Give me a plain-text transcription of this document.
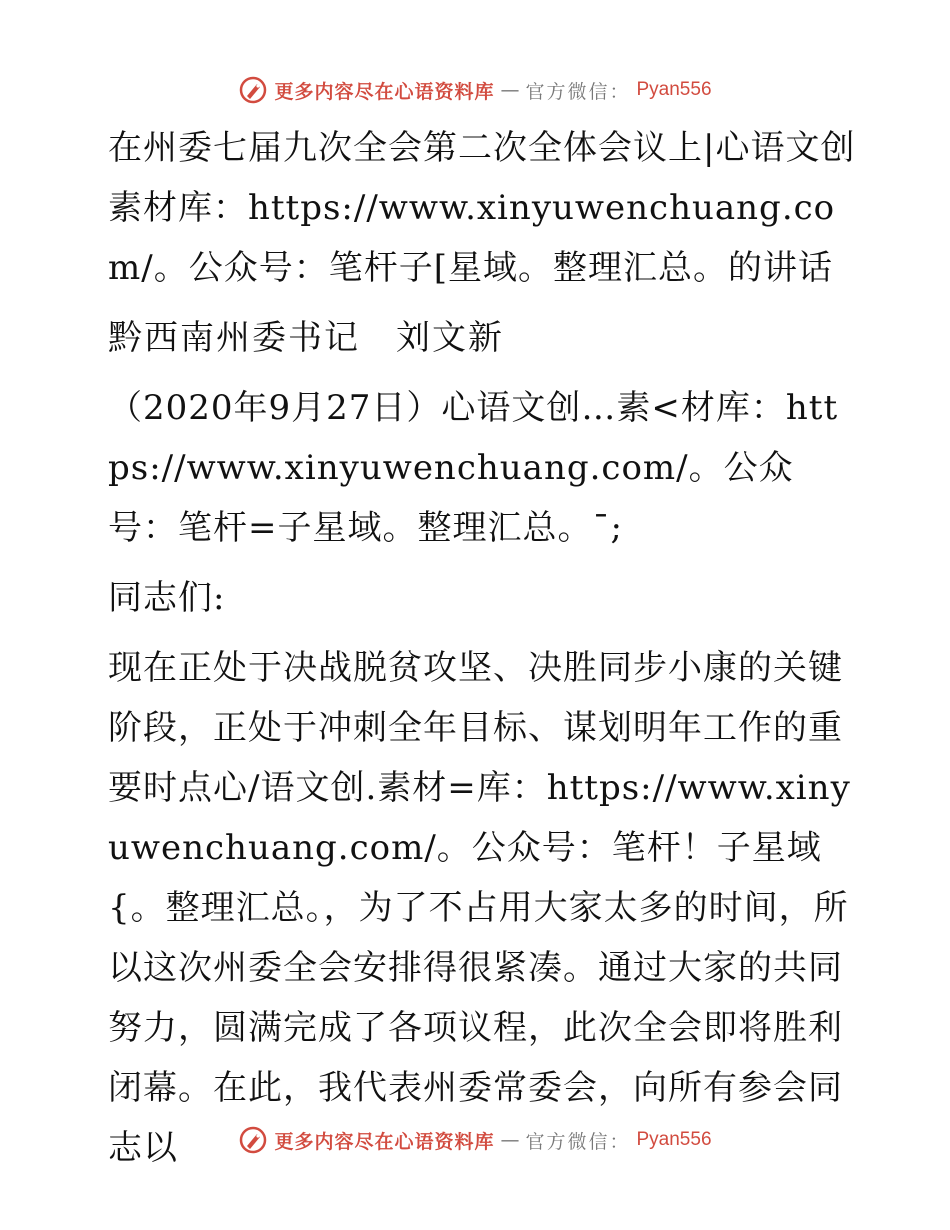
更多内容尽在心语资料库 — 官方微信： Pyan556

在州委七届九次全会第二次全体会议上|心语文创素材库：https://www.xinyuwenchuang.com/。公众号：笔杆子[星域。整理汇总。的讲话

黔西南州委书记　刘文新

（2020年9月27日）心语文创…素<材库：https://www.xinyuwenchuang.com/。公众号：笔杆=子星域。整理汇总。¯;

同志们:

现在正处于决战脱贫攻坚、决胜同步小康的关键阶段，正处于冲刺全年目标、谋划明年工作的重要时点心/语文创.素材=库：https://www.xinyuwenchuang.com/。公众号：笔杆！子星域{。整理汇总。，为了不占用大家太多的时间，所以这次州委全会安排得很紧凑。通过大家的共同努力，圆满完成了各项议程，此次全会即将胜利闭幕。在此，我代表州委常委会，向所有参会同志以	更多内容尽在心语资料库 — 官方微信： Pyan556
